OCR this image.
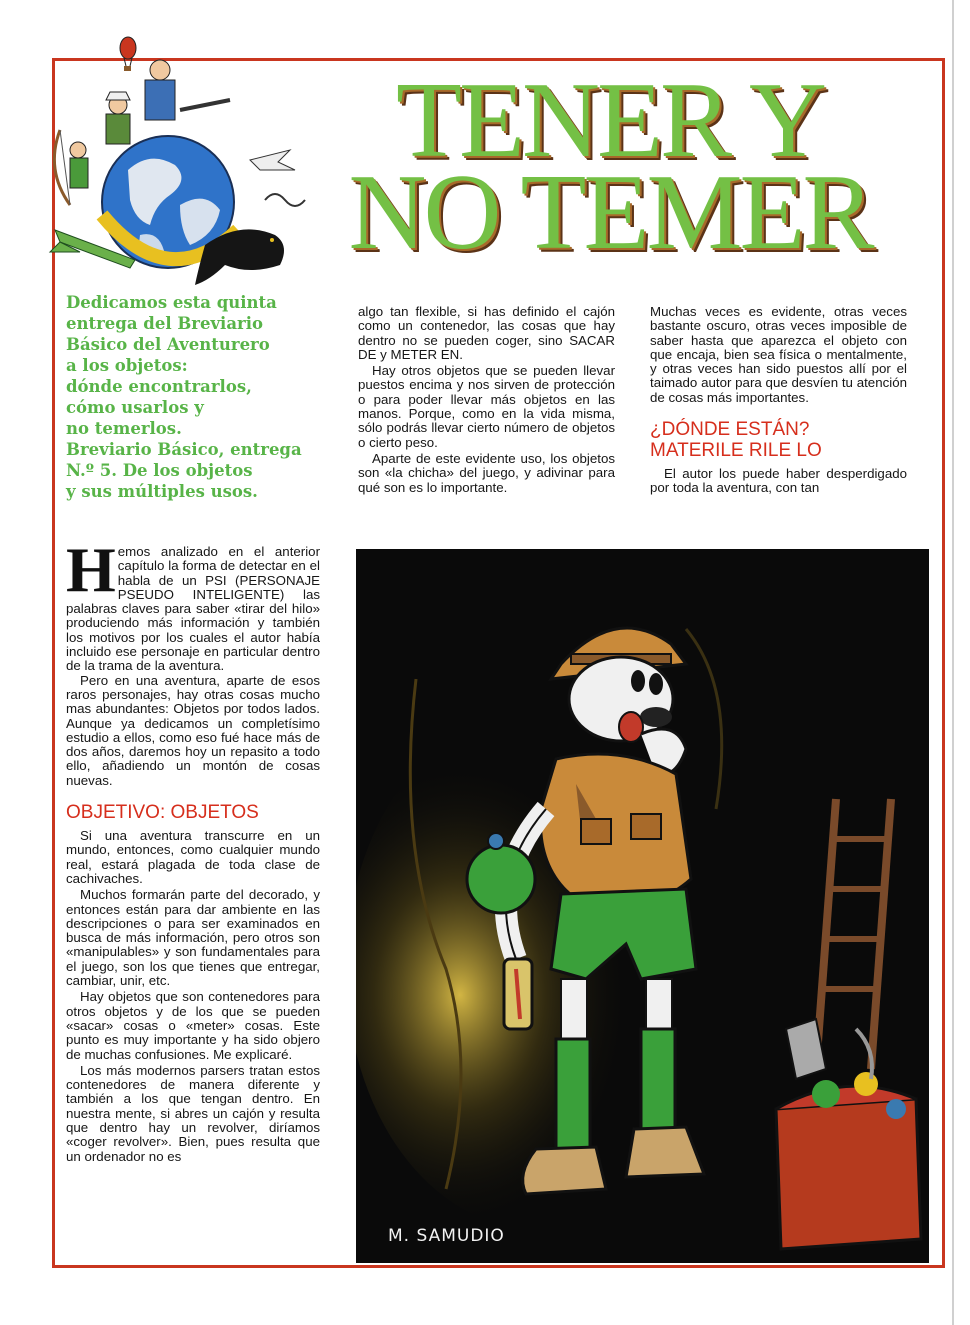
TENER Y
NO TEMER

Dedicamos esta quinta

entrega del Breviario

Básico del Aventurero

a los objetos:

dónde encontrarlos,

cómo usarlos y

no temerlos.

Breviario Básico, entrega

N.º 5. De los objetos

y sus múltiples usos.

algo tan flexible, si has definido el cajón como un contenedor, las cosas que hay dentro no se pueden coger, sino SACAR DE y METER EN.

Hay otros objetos que se pueden llevar puestos encima y nos sirven de protección o para poder llevar más objetos en las manos. Porque, como en la vida misma, sólo podrás llevar cierto número de objetos o cierto peso.

Aparte de este evidente uso, los objetos son «la chicha» del juego, y adivinar para qué son es lo importante.

Muchas veces es evidente, otras veces bastante oscuro, otras veces imposible de saber hasta que aparezca el objeto con que encaja, bien sea física o mentalmente, y otras veces han sido puestos allí por el taimado autor para que desvíen tu atención de cosas más importantes.

¿DÓNDE ESTÁN?
MATERILE RILE LO

El autor los puede haber desperdigado por toda la aventura, con tan

H emos analizado en el anterior capítulo la forma de detectar en el habla de un PSI (PERSONAJE PSEUDO INTELIGENTE) las palabras claves para saber «tirar del hilo» produciendo más información y también los motivos por los cuales el autor había incluido ese personaje en particular dentro de la trama de la aventura.

Pero en una aventura, aparte de esos raros personajes, hay otras cosas mucho mas abundantes: Objetos por todos lados. Aunque ya dedicamos un completísimo estudio a ellos, como eso fué hace más de dos años, daremos hoy un repasito a todo ello, añadiendo un montón de cosas nuevas.

OBJETIVO: OBJETOS

Si una aventura transcurre en un mundo, entonces, como cualquier mundo real, estará plagada de toda clase de cachivaches.

Muchos formarán parte del decorado, y entonces están para dar ambiente en las descripciones o para ser examinados en busca de más información, pero otros son «manipulables» y son fundamentales para el juego, son los que tienes que entregar, cambiar, unir, etc.

Hay objetos que son contenedores para otros objetos y de los que se pueden «sacar» cosas o «meter» cosas. Este punto es muy importante y ha sido objero de muchas confusiones. Me explicaré.

Los más modernos parsers tratan estos contenedores de manera diferente y también a los que tengan dentro. En nuestra mente, si abres un cajón y resulta que dentro hay un revolver, diríamos «coger revolver». Bien, pues resulta que un ordenador no es

M. SAMUDIO
